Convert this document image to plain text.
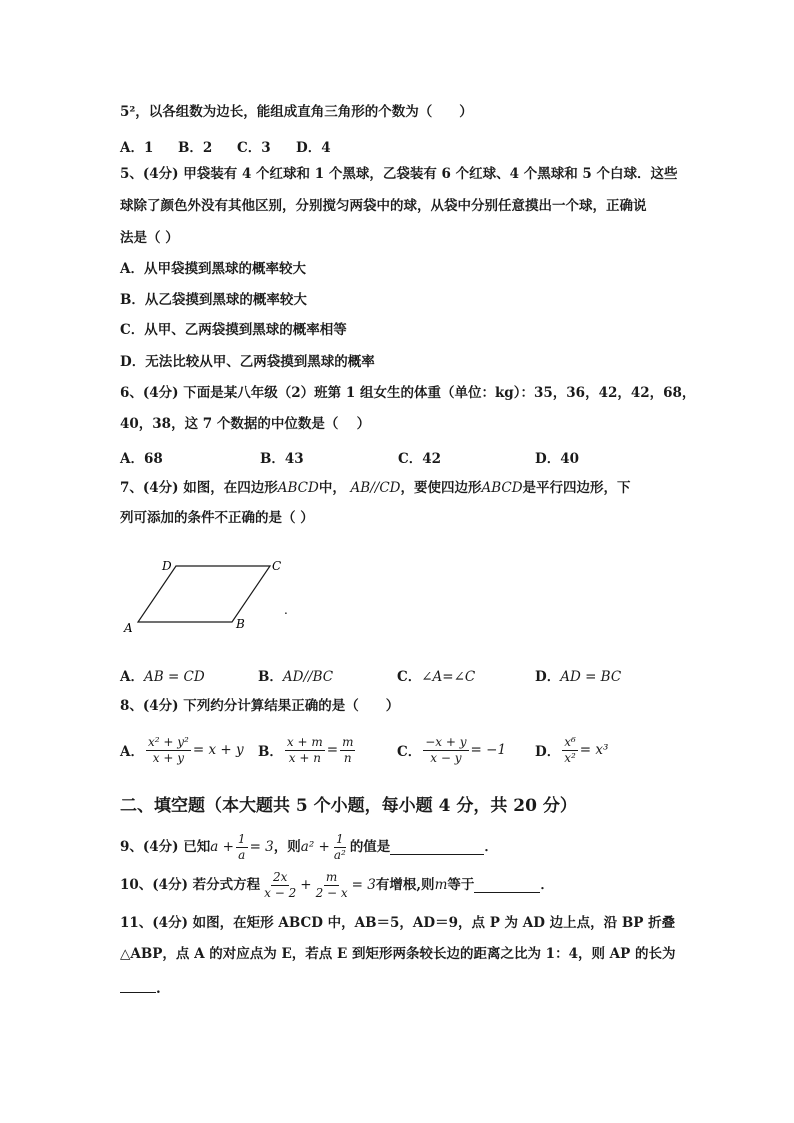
5²，以各组数为边长，能组成直角三角形的个数为（　　）
A．1 B．2 C．3 D．4
5、(4分) 甲袋装有 4 个红球和 1 个黑球，乙袋装有 6 个红球、4 个黑球和 5 个白球．这些
球除了颜色外没有其他区别，分别搅匀两袋中的球，从袋中分别任意摸出一个球，正确说
法是（ ）
A．从甲袋摸到黑球的概率较大
B．从乙袋摸到黑球的概率较大
C．从甲、乙两袋摸到黑球的概率相等
D．无法比较从甲、乙两袋摸到黑球的概率
6、(4分) 下面是某八年级（2）班第 1 组女生的体重（单位：kg）：35，36，42，42，68，
40，38，这 7 个数据的中位数是（　 ）
A．68	B．43	C．42	D．40
7、(4分) 如图，在四边形ABCD中， AB//CD，要使四边形ABCD是平行四边形，下
列可添加的条件不正确的是（ ）
A	B
C
D
.
A．AB = CD	B．AD//BC	C．∠A=∠C	D．AD = BC
8、(4分) 下列约分计算结果正确的是（　　）
A． $\frac{\text{x² + y²}}{x + y} = x + y$ B． $\frac{x + m}{x + n} = \frac{m}{n}$	C． $\frac{-x + y}{x - y} = -1$ D． $\frac{\text{x⁶}}{\text{x²}} = x^3$
二、填空题（本大题共 5 个小题，每小题 4 分，共 20 分）
9、(4分) 已知 $a + \frac{1}{a} = 3$ ，则 $a^2 + \frac{1}{\text{a²}}$ 的值是	．
10、(4分) 若分式方程 $\frac{2x}{x - 2} + \frac{m}{2 - x} = 3$ 有增根,则 m 等于	．
11、(4分) 如图，在矩形 ABCD 中，AB＝5，AD＝9，点 P 为 AD 边上点，沿 BP 折叠
△ABP，点 A 的对应点为 E，若点 E 到矩形两条较长边的距离之比为 1：4，则 AP 的长为
.
